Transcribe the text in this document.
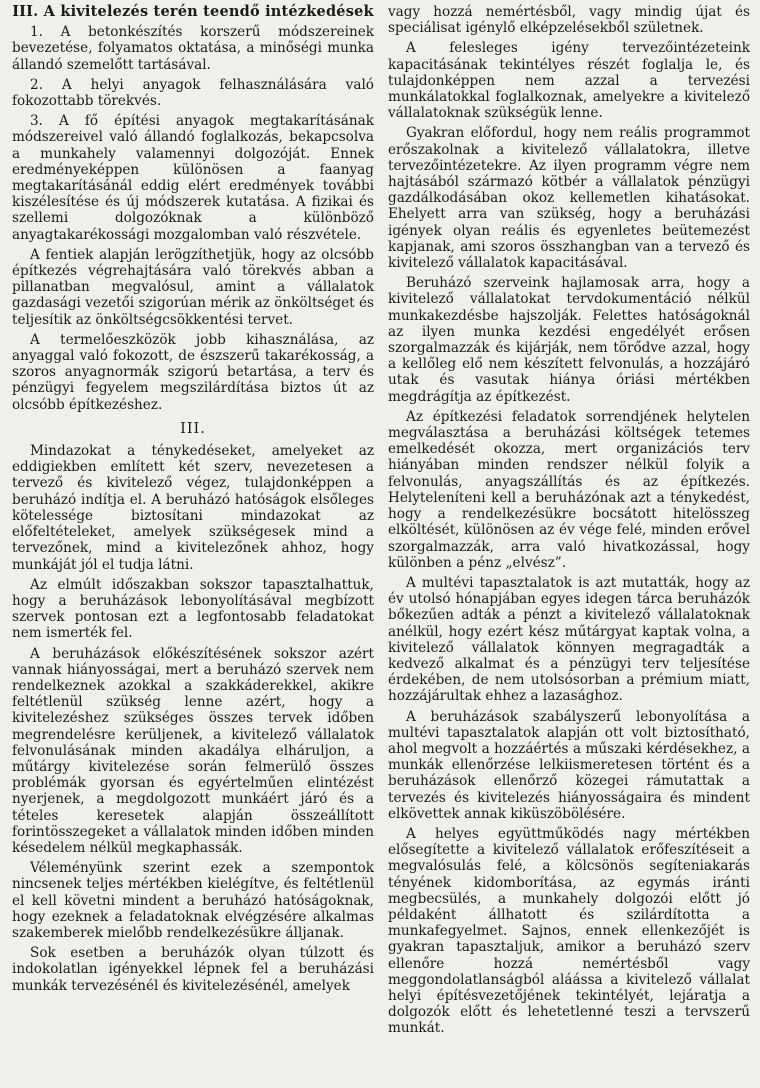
III. A kivitelezés terén teendő intézkedések

1. A betonkészítés korszerű módszereinek bevezetése, folyamatos oktatása, a minőségi munka állandó szemelőtt tartásával.

2. A helyi anyagok felhasználására való fokozottabb törekvés.

3. A fő építési anyagok megtakarításának módszereivel való állandó foglalkozás, bekapcsolva a munkahely valamennyi dolgozóját. Ennek eredményeképpen különösen a faanyag megtakarításánál eddig elért eredmények további kiszélesítése és új módszerek kutatása. A fizikai és szellemi dolgozóknak a különböző anyagtakarékossági mozgalomban való részvétele.

A fentiek alapján lerögzíthetjük, hogy az olcsóbb építkezés végrehajtására való törekvés abban a pillanatban megvalósul, amint a vállalatok gazdasági vezetői szigorúan mérik az önköltséget és teljesítik az önköltségcsökkentési tervet.

A termelőeszközök jobb kihasználása, az anyaggal való fokozott, de észszerű takarékosság, a szoros anyagnormák szigorú betartása, a terv és pénzügyi fegyelem megszilárdítása biztos út az olcsóbb építkezéshez.

III.

Mindazokat a ténykedéseket, amelyeket az eddigiekben említett két szerv, nevezetesen a tervező és kivitelező végez, tulajdonképpen a beruházó indítja el. A beruházó hatóságok elsőleges kötelessége biztosítani mindazokat az előfeltételeket, amelyek szükségesek mind a tervezőnek, mind a kivitelezőnek ahhoz, hogy munkáját jól el tudja látni.

Az elmúlt időszakban sokszor tapasztalhattuk, hogy a beruházások lebonyolításával megbízott szervek pontosan ezt a legfontosabb feladatokat nem ismerték fel.

A beruházások előkészítésének sokszor azért vannak hiányosságai, mert a beruházó szervek nem rendelkeznek azokkal a szakkáderekkel, akikre feltétlenül szükség lenne azért, hogy a kivitelezéshez szükséges összes tervek időben megrendelésre kerüljenek, a kivitelező vállalatok felvonulásának minden akadálya elháruljon, a műtárgy kivitelezése során felmerülő összes problémák gyorsan és egyértelműen elintézést nyerjenek, a megdolgozott munkáért járó és a tételes keresetek alapján összeállított forintösszegeket a vállalatok minden időben minden késedelem nélkül megkaphassák.

Véleményünk szerint ezek a szempontok nincsenek teljes mértékben kielégítve, és feltétlenül el kell követni mindent a beruházó hatóságoknak, hogy ezeknek a feladatoknak elvégzésére alkalmas szakemberek mielőbb rendelkezésükre álljanak.

Sok esetben a beruházók olyan túlzott és indokolatlan igényekkel lépnek fel a beruházási munkák tervezésénél és kivitelezésénél, amelyek

vagy hozzá nemértésből, vagy mindig újat és speciálisat igénylő elképzelésekből születnek.

A felesleges igény tervezőintézeteink kapacitásának tekintélyes részét foglalja le, és tulajdonképpen nem azzal a tervezési munkálatokkal foglalkoznak, amelyekre a kivitelező vállalatoknak szükségük lenne.

Gyakran előfordul, hogy nem reális programmot erőszakolnak a kivitelező vállalatokra, illetve tervezőintézetekre. Az ilyen programm végre nem hajtásából származó kötbér a vállalatok pénzügyi gazdálkodásában okoz kellemetlen kihatásokat. Ehelyett arra van szükség, hogy a beruházási igények olyan reális és egyenletes beütemezést kapjanak, ami szoros összhangban van a tervező és kivitelező vállalatok kapacitásával.

Beruházó szerveink hajlamosak arra, hogy a kivitelező vállalatokat tervdokumentáció nélkül munkakezdésbe hajszolják. Felettes hatóságoknál az ilyen munka kezdési engedélyét erősen szorgalmazzák és kijárják, nem törődve azzal, hogy a kellőleg elő nem készített felvonulás, a hozzájáró utak és vasutak hiánya óriási mértékben megdrágítja az építkezést.

Az építkezési feladatok sorrendjének helytelen megválasztása a beruházási költségek tetemes emelkedését okozza, mert organizációs terv hiányában minden rendszer nélkül folyik a felvonulás, anyagszállítás és az építkezés. Helyteleníteni kell a beruházónak azt a ténykedést, hogy a rendelkezésükre bocsátott hitelösszeg elköltését, különösen az év vége felé, minden erővel szorgalmazzák, arra való hivatkozással, hogy különben a pénz „elvész”.

A multévi tapasztalatok is azt mutatták, hogy az év utolsó hónapjában egyes idegen tárca beruházók bőkezűen adták a pénzt a kivitelező vállalatoknak anélkül, hogy ezért kész műtárgyat kaptak volna, a kivitelező vállalatok könnyen megragadták a kedvező alkalmat és a pénzügyi terv teljesítése érdekében, de nem utolsósorban a prémium miatt, hozzájárultak ehhez a lazasághoz.

A beruházások szabályszerű lebonyolítása a multévi tapasztalatok alapján ott volt biztosítható, ahol megvolt a hozzáértés a műszaki kérdésekhez, a munkák ellenőrzése lelkiismeretesen történt és a beruházások ellenőrző közegei rámutattak a tervezés és kivitelezés hiányosságaira és mindent elkövettek annak kiküszöbölésére.

A helyes együttműködés nagy mértékben elősegítette a kivitelező vállalatok erőfeszítéseit a megvalósulás felé, a kölcsönös segíteniakarás tényének kidomborítása, az egymás iránti megbecsülés, a munkahely dolgozói előtt jó példaként állhatott és szilárdította a munkafegyelmet. Sajnos, ennek ellenkezőjét is gyakran tapasztaljuk, amikor a beruházó szerv ellenőre hozzá nemértésből vagy meggondolatlanságból aláássa a kivitelező vállalat helyi építésvezetőjének tekintélyét, lejáratja a dolgozók előtt és lehetetlenné teszi a tervszerű munkát.
